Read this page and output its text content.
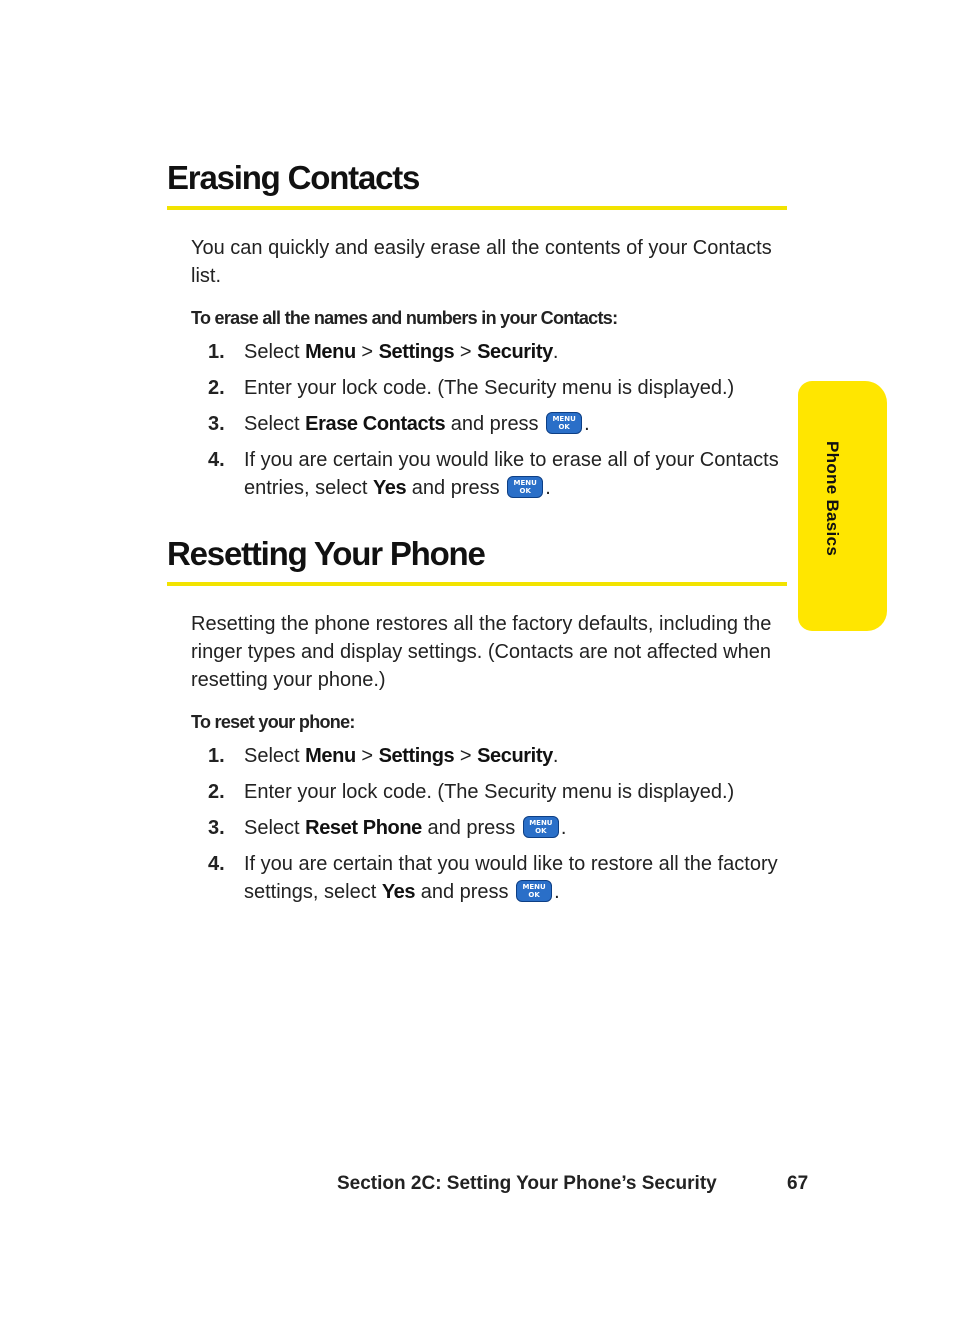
Phone Basics
Erasing Contacts

You can quickly and easily erase all the contents of your Contacts list.

To erase all the names and numbers in your Contacts:
1. Select Menu > Settings > Security.
2. Enter your lock code. (The Security menu is displayed.)
3. Select Erase Contacts and press	MENU
OK .
4. If you are certain you would like to erase all of your Contacts entries, select Yes and press	MENU
OK .
Resetting Your Phone

Resetting the phone restores all the factory defaults, including the ringer types and display settings. (Contacts are not affected when resetting your phone.)

To reset your phone:
1. Select Menu > Settings > Security.
2. Enter your lock code. (The Security menu is displayed.)
3. Select Reset Phone and press	MENU
OK .
4. If you are certain that you would like to restore all the factory settings, select Yes and press	MENU
OK .
Section 2C: Setting Your Phone’s Security	67
